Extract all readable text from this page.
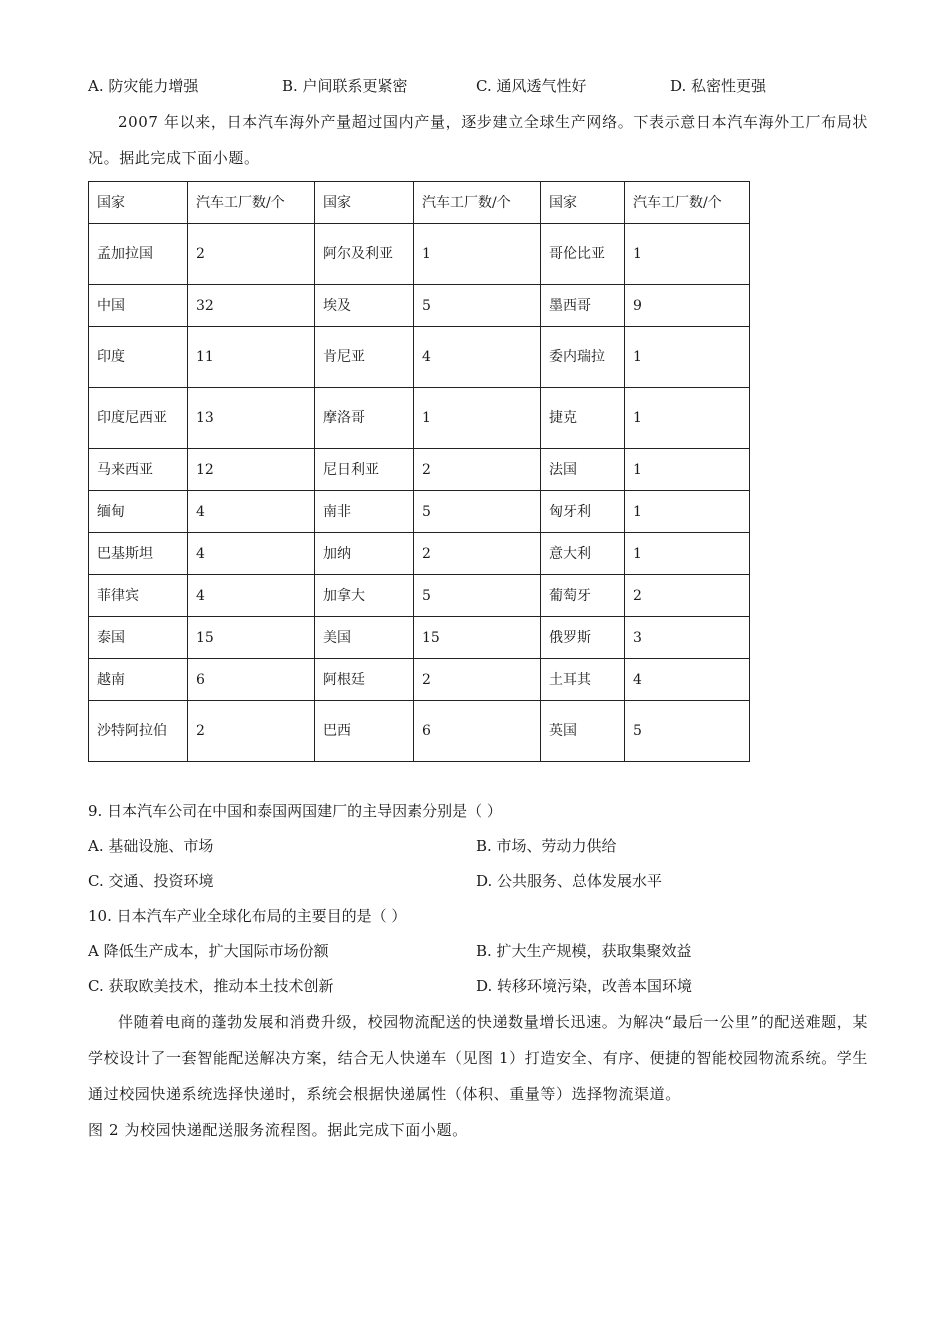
A. 防灾能力增强	B. 户间联系更紧密	C. 通风透气性好	D. 私密性更强

2007 年以来，日本汽车海外产量超过国内产量，逐步建立全球生产网络。下表示意日本汽车海外工厂布局状况。据此完成下面小题。

国家	汽车工厂数/个	国家	汽车工厂数/个	国家	汽车工厂数/个
孟加拉国	2	阿尔及利亚	1	哥伦比亚	1
中国	32	埃及	5	墨西哥	9
印度	11	肯尼亚	4	委内瑞拉	1
印度尼西亚	13	摩洛哥	1	捷克	1
马来西亚	12	尼日利亚	2	法国	1
缅甸	4	南非	5	匈牙利	1
巴基斯坦	4	加纳	2	意大利	1
菲律宾	4	加拿大	5	葡萄牙	2
泰国	15	美国	15	俄罗斯	3
越南	6	阿根廷	2	土耳其	4
沙特阿拉伯	2	巴西	6	英国	5
9. 日本汽车公司在中国和泰国两国建厂的主导因素分别是（ ）
A. 基础设施、市场	B. 市场、劳动力供给
C. 交通、投资环境	D. 公共服务、总体发展水平
10. 日本汽车产业全球化布局的主要目的是（ ）
A 降低生产成本，扩大国际市场份额	B. 扩大生产规模，获取集聚效益
C. 获取欧美技术，推动本土技术创新	D. 转移环境污染，改善本国环境

伴随着电商的蓬勃发展和消费升级，校园物流配送的快递数量增长迅速。为解决“最后一公里”的配送难题，某学校设计了一套智能配送解决方案，结合无人快递车（见图 1）打造安全、有序、便捷的智能校园物流系统。学生通过校园快递系统选择快递时，系统会根据快递属性（体积、重量等）选择物流渠道。

图 2 为校园快递配送服务流程图。据此完成下面小题。
